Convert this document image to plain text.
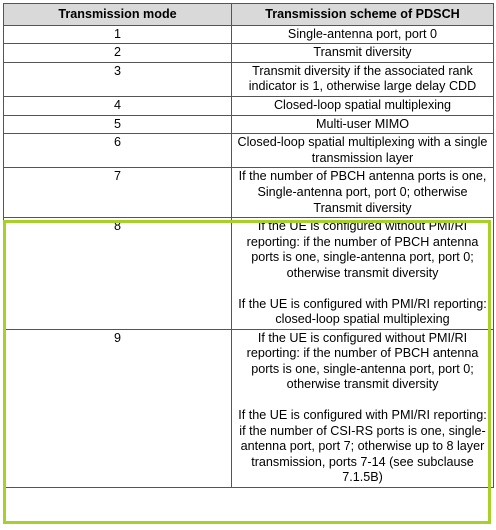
Transmission mode	Transmission scheme of PDSCH
1	Single-antenna port, port 0

2	Transmit diversity

3	Transmit diversity if the associated rank indicator is 1, otherwise large delay CDD

4	Closed-loop spatial multiplexing

5	Multi-user MIMO

6	Closed-loop spatial multiplexing with a single transmission layer

7	If the number of PBCH antenna ports is one, Single-antenna port, port 0; otherwise Transmit diversity

8	If the UE is configured without PMI/RI reporting: if the number of PBCH antenna ports is one, single-antenna port, port 0; otherwise transmit diversity
If the UE is configured with PMI/RI reporting: closed-loop spatial multiplexing

9	If the UE is configured without PMI/RI reporting: if the number of PBCH antenna ports is one, single-antenna port, port 0; otherwise transmit diversity
If the UE is configured with PMI/RI reporting: if the number of CSI-RS ports is one, single-antenna port, port 7; otherwise up to 8 layer transmission, ports 7-14 (see subclause 7.1.5B)
